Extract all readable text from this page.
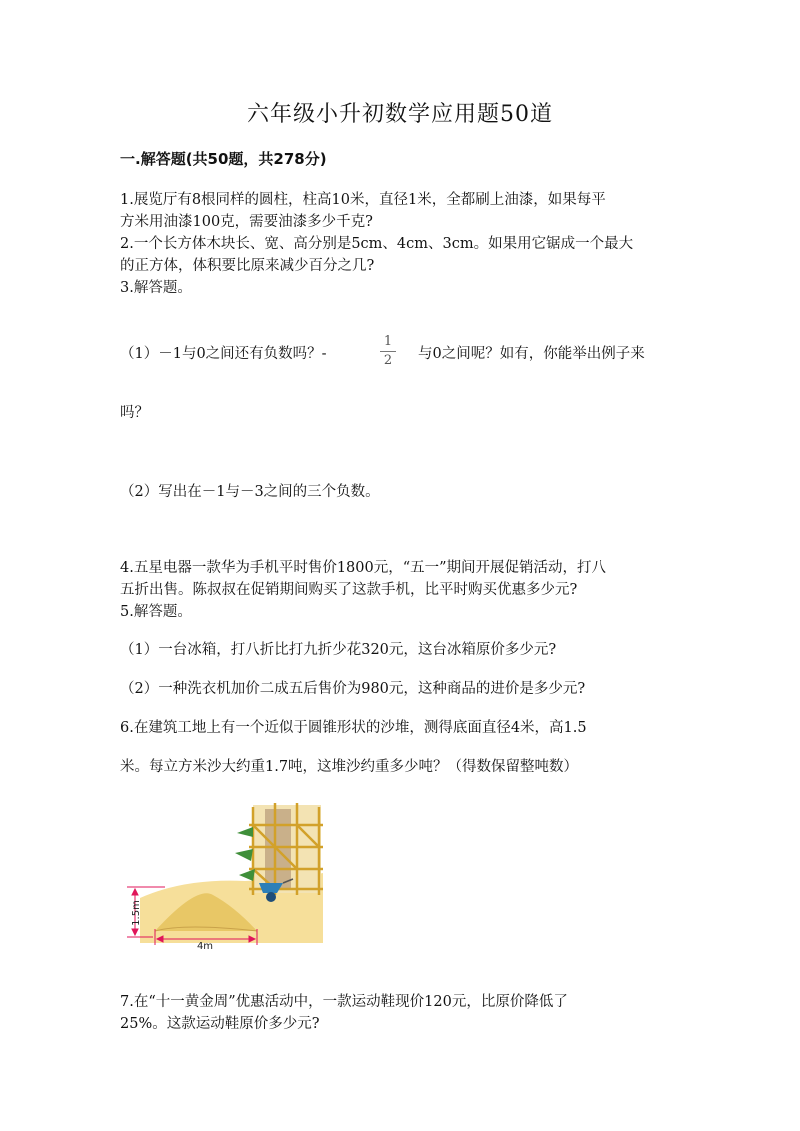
六年级小升初数学应用题50道
一.解答题(共50题，共278分)
1.展览厅有8根同样的圆柱，柱高10米，直径1米，全都刷上油漆，如果每平
方米用油漆100克，需要油漆多少千克?
2.一个长方体木块长、宽、高分别是5cm、4cm、3cm。如果用它锯成一个最大
的正方体，体积要比原来减少百分之几?
3.解答题。
（1）－1与0之间还有负数吗？-
1
2	与0之间呢？如有，你能举出例子来
吗？
（2）写出在－1与－3之间的三个负数。
4.五星电器一款华为手机平时售价1800元，“五一”期间开展促销活动，打八
五折出售。陈叔叔在促销期间购买了这款手机，比平时购买优惠多少元?
5.解答题。
（1）一台冰箱，打八折比打九折少花320元，这台冰箱原价多少元?
（2）一种洗衣机加价二成五后售价为980元，这种商品的进价是多少元?
6.在建筑工地上有一个近似于圆锥形状的沙堆，测得底面直径4米，高1.5
米。每立方米沙大约重1.7吨，这堆沙约重多少吨？（得数保留整吨数）
1.5m
4m
7.在“十一黄金周”优惠活动中，一款运动鞋现价120元，比原价降低了
25%。这款运动鞋原价多少元?
